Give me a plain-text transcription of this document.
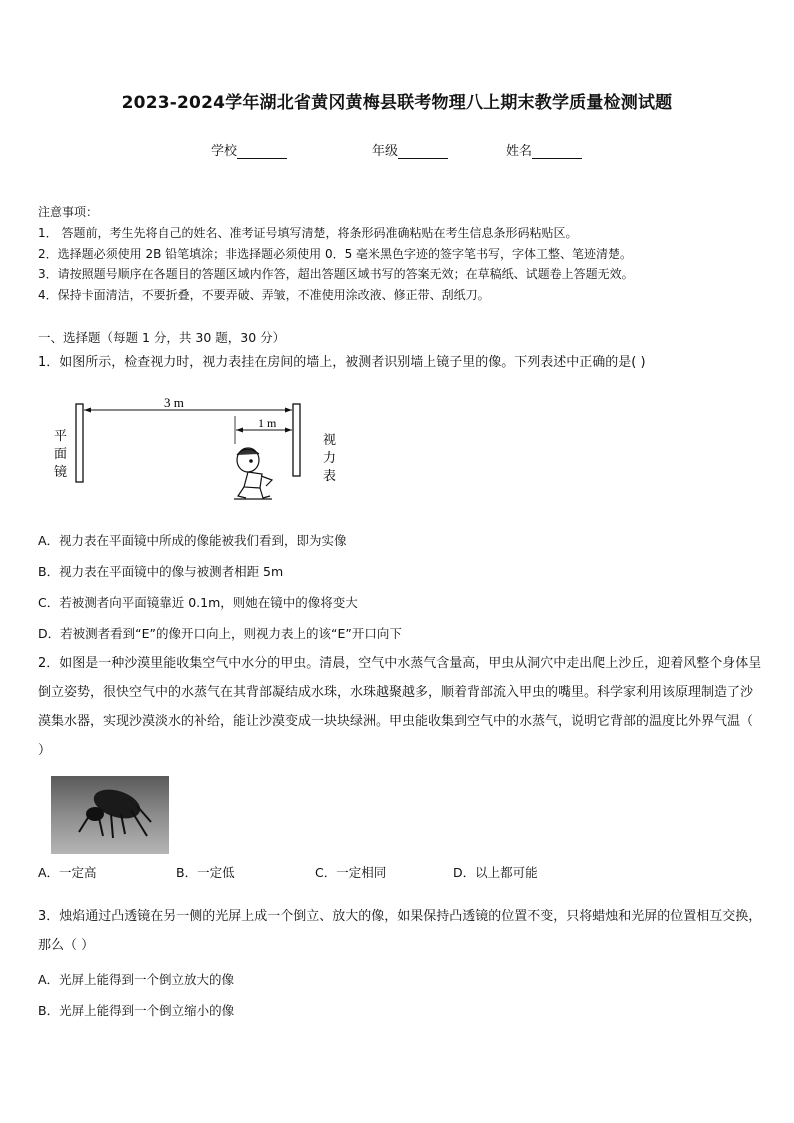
2023-2024学年湖北省黄冈黄梅县联考物理八上期末教学质量检测试题
学校	年级	姓名
注意事项：
1． 答题前，考生先将自己的姓名、准考证号填写清楚，将条形码准确粘贴在考生信息条形码粘贴区。
2．选择题必须使用 2B 铅笔填涂；非选择题必须使用 0．5 毫米黑色字迹的签字笔书写，字体工整、笔迹清楚。
3．请按照题号顺序在各题目的答题区域内作答，超出答题区域书写的答案无效；在草稿纸、试题卷上答题无效。
4．保持卡面清洁，不要折叠，不要弄破、弄皱，不准使用涂改液、修正带、刮纸刀。
一、选择题（每题 1 分，共 30 题，30 分）
1．如图所示，检查视力时，视力表挂在房间的墙上，被测者识别墙上镜子里的像。下列表述中正确的是( )
3 m
1 m
平
面
镜
视
力
表
A．视力表在平面镜中所成的像能被我们看到，即为实像
B．视力表在平面镜中的像与被测者相距 5m
C．若被测者向平面镜靠近 0.1m，则她在镜中的像将变大
D．若被测者看到“E”的像开口向上，则视力表上的该“E”开口向下
2．如图是一种沙漠里能收集空气中水分的甲虫。清晨，空气中水蒸气含量高，甲虫从洞穴中走出爬上沙丘，迎着风整个身体呈倒立姿势，很快空气中的水蒸气在其背部凝结成水珠，水珠越聚越多，顺着背部流入甲虫的嘴里。科学家利用该原理制造了沙漠集水器，实现沙漠淡水的补给，能让沙漠变成一块块绿洲。甲虫能收集到空气中的水蒸气，说明它背部的温度比外界气温（ ）
A．一定高	B．一定低	C．一定相同	D．以上都可能
3．烛焰通过凸透镜在另一侧的光屏上成一个倒立、放大的像，如果保持凸透镜的位置不变，只将蜡烛和光屏的位置相互交换，那么（ ）
A．光屏上能得到一个倒立放大的像
B．光屏上能得到一个倒立缩小的像
